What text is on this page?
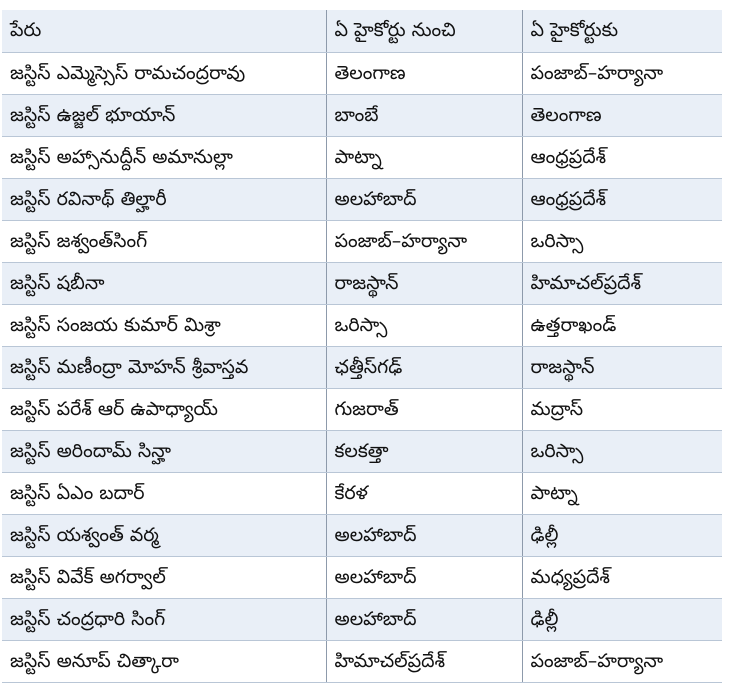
పేరు	ఏ హైకోర్టు నుంచి	ఏ హైకోర్టుకు
జస్టిస్‌ ఎమ్మెస్సెస్‌ రామచంద్రరావు	తెలంగాణ	పంజాబ్‌–హర్యానా
జస్టిస్‌ ఉజ్జల్‌ భూయాన్‌	బాంబే	తెలంగాణ
జస్టిస్‌ అహ్సానుద్దీన్‌ అమానుల్లా	పాట్నా	ఆంధ్రప్రదేశ్‌
జస్టిస్‌ రవినాథ్‌ తిల్హారీ	అలహాబాద్‌	ఆంధ్రప్రదేశ్‌
జస్టిస్‌ జశ్వంత్‌సింగ్‌	పంజాబ్‌–హర్యానా	ఒరిస్సా
జస్టిస్‌ షబీనా	రాజస్థాన్‌	హిమాచల్‌ప్రదేశ్‌
జస్టిస్‌ సంజయ కుమార్‌ మిశ్రా	ఒరిస్సా	ఉత్తరాఖండ్‌
జస్టిస్‌ మణీంద్రా మోహన్‌ శ్రీవాస్తవ	ఛత్తీస్‌గఢ్‌	రాజస్థాన్‌
జస్టిస్‌ పరేశ్‌ ఆర్‌ ఉపాధ్యాయ్‌	గుజరాత్‌	మద్రాస్‌
జస్టిస్‌ అరిందామ్‌ సిన్హా	కలకత్తా	ఒరిస్సా
జస్టిస్‌ ఏఎం బదార్‌	కేరళ	పాట్నా
జస్టిస్‌ యశ్వంత్‌ వర్మ	అలహాబాద్‌	ఢిల్లీ
జస్టిస్‌ వివేక్‌ అగర్వాల్‌	అలహాబాద్‌	మధ్యప్రదేశ్‌
జస్టిస్‌ చంద్రధారి సింగ్‌	అలహాబాద్‌	ఢిల్లీ
జస్టిస్‌ అనూప్‌ చిత్కారా	హిమాచల్‌ప్రదేశ్‌	పంజాబ్‌–హర్యానా
